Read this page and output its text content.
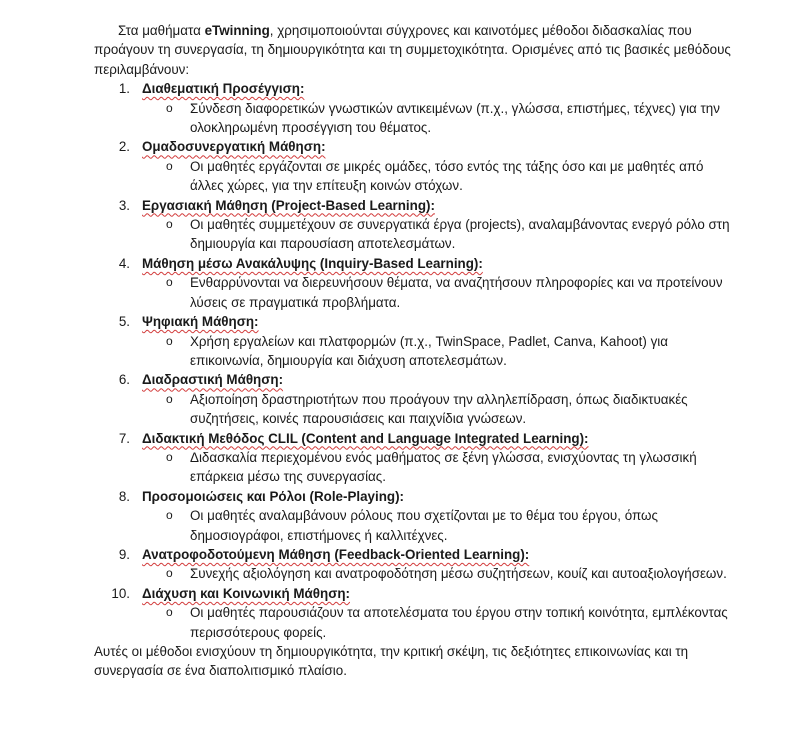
Στα μαθήματα eTwinning, χρησιμοποιούνται σύγχρονες και καινοτόμες μέθοδοι διδασκαλίας που προάγουν τη συνεργασία, τη δημιουργικότητα και τη συμμετοχικότητα. Ορισμένες από τις βασικές μεθόδους περιλαμβάνουν:

1. Διαθεματική Προσέγγιση:
o Σύνδεση διαφορετικών γνωστικών αντικειμένων (π.χ., γλώσσα, επιστήμες, τέχνες) για την ολοκληρωμένη προσέγγιση του θέματος.
2. Ομαδοσυνεργατική Μάθηση:
o Οι μαθητές εργάζονται σε μικρές ομάδες, τόσο εντός της τάξης όσο και με μαθητές από άλλες χώρες, για την επίτευξη κοινών στόχων.
3. Εργασιακή Μάθηση (Project-Based Learning):
o Οι μαθητές συμμετέχουν σε συνεργατικά έργα (projects), αναλαμβάνοντας ενεργό ρόλο στη δημιουργία και παρουσίαση αποτελεσμάτων.
4. Μάθηση μέσω Ανακάλυψης (Inquiry-Based Learning):
o Ενθαρρύνονται να διερευνήσουν θέματα, να αναζητήσουν πληροφορίες και να προτείνουν λύσεις σε πραγματικά προβλήματα.
5. Ψηφιακή Μάθηση:
o Χρήση εργαλείων και πλατφορμών (π.χ., TwinSpace, Padlet, Canva, Kahoot) για επικοινωνία, δημιουργία και διάχυση αποτελεσμάτων.
6. Διαδραστική Μάθηση:
o Αξιοποίηση δραστηριοτήτων που προάγουν την αλληλεπίδραση, όπως διαδικτυακές συζητήσεις, κοινές παρουσιάσεις και παιχνίδια γνώσεων.
7. Διδακτική Μεθόδος CLIL (Content and Language Integrated Learning):
o Διδασκαλία περιεχομένου ενός μαθήματος σε ξένη γλώσσα, ενισχύοντας τη γλωσσική επάρκεια μέσω της συνεργασίας.
8. Προσομοιώσεις και Ρόλοι (Role-Playing):
o Οι μαθητές αναλαμβάνουν ρόλους που σχετίζονται με το θέμα του έργου, όπως δημοσιογράφοι, επιστήμονες ή καλλιτέχνες.
9. Ανατροφοδοτούμενη Μάθηση (Feedback-Oriented Learning):
o Συνεχής αξιολόγηση και ανατροφοδότηση μέσω συζητήσεων, κουίζ και αυτοαξιολογήσεων.
10. Διάχυση και Κοινωνική Μάθηση:
o Οι μαθητές παρουσιάζουν τα αποτελέσματα του έργου στην τοπική κοινότητα, εμπλέκοντας περισσότερους φορείς.

Αυτές οι μέθοδοι ενισχύουν τη δημιουργικότητα, την κριτική σκέψη, τις δεξιότητες επικοινωνίας και τη συνεργασία σε ένα διαπολιτισμικό πλαίσιο.
